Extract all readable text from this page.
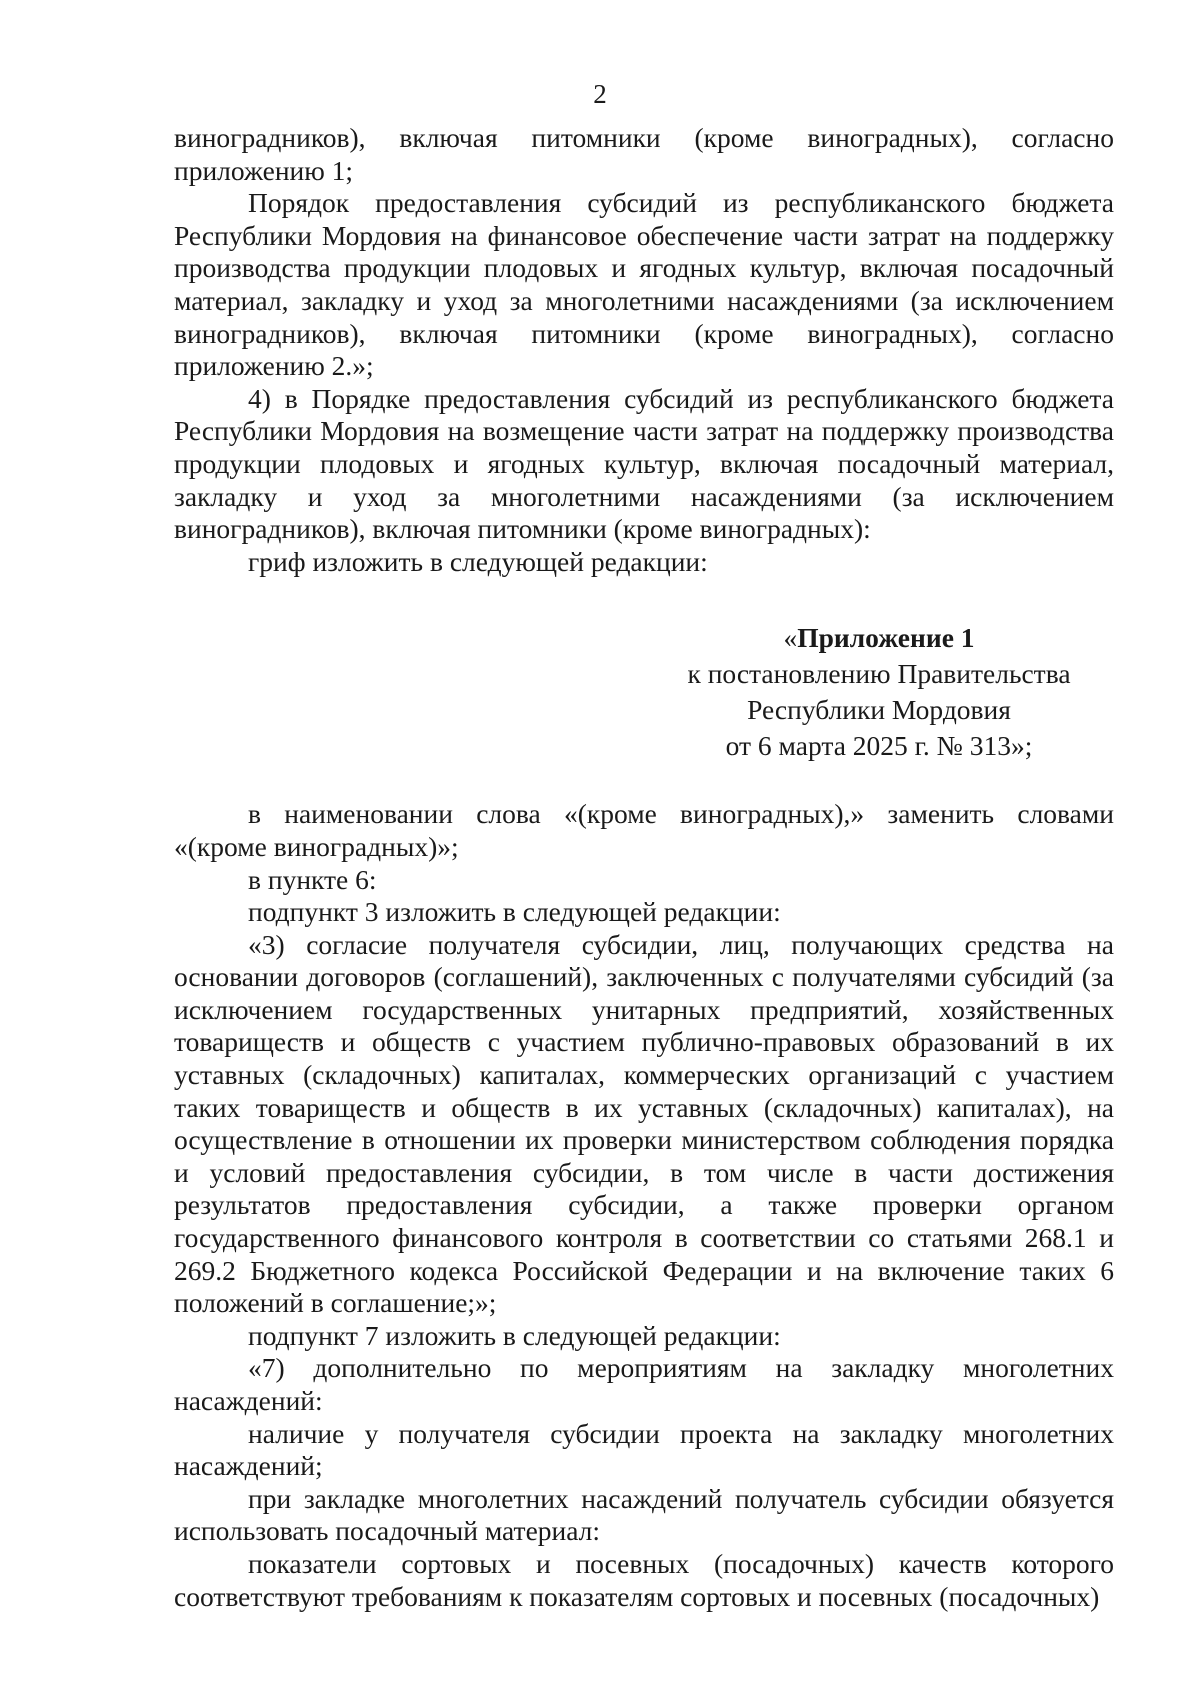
2

виноградников), включая питомники (кроме виноградных), согласно приложению 1;

Порядок предоставления субсидий из республиканского бюджета Республики Мордовия на финансовое обеспечение части затрат на поддержку производства продукции плодовых и ягодных культур, включая посадочный материал, закладку и уход за многолетними насаждениями (за исключением виноградников), включая питомники (кроме виноградных), согласно приложению 2.»;

4) в Порядке предоставления субсидий из республиканского бюджета Республики Мордовия на возмещение части затрат на поддержку производства продукции плодовых и ягодных культур, включая посадочный материал, закладку и уход за многолетними насаждениями (за исключением виноградников), включая питомники (кроме виноградных):

гриф изложить в следующей редакции:

«Приложение 1
к постановлению Правительства
Республики Мордовия
от 6 марта 2025 г. № 313»;

в наименовании слова «(кроме виноградных),» заменить словами «(кроме виноградных)»;

в пункте 6:

подпункт 3 изложить в следующей редакции:

«3) согласие получателя субсидии, лиц, получающих средства на основании договоров (соглашений), заключенных с получателями субсидий (за исключением государственных унитарных предприятий, хозяйственных товариществ и обществ с участием публично-правовых образований в их уставных (складочных) капиталах, коммерческих организаций с участием таких товариществ и обществ в их уставных (складочных) капиталах), на осуществление в отношении их проверки министерством соблюдения порядка и условий предоставления субсидии, в том числе в части достижения результатов предоставления субсидии, а также проверки органом государственного финансового контроля в соответствии со статьями 268.1 и 269.2 Бюджетного кодекса Российской Федерации и на включение таких 6 положений в соглашение;»;

подпункт 7 изложить в следующей редакции:

«7) дополнительно по мероприятиям на закладку многолетних насаждений:

наличие у получателя субсидии проекта на закладку многолетних насаждений;

при закладке многолетних насаждений получатель субсидии обязуется использовать посадочный материал:

показатели сортовых и посевных (посадочных) качеств которого соответствуют требованиям к показателям сортовых и посевных (посадочных)
